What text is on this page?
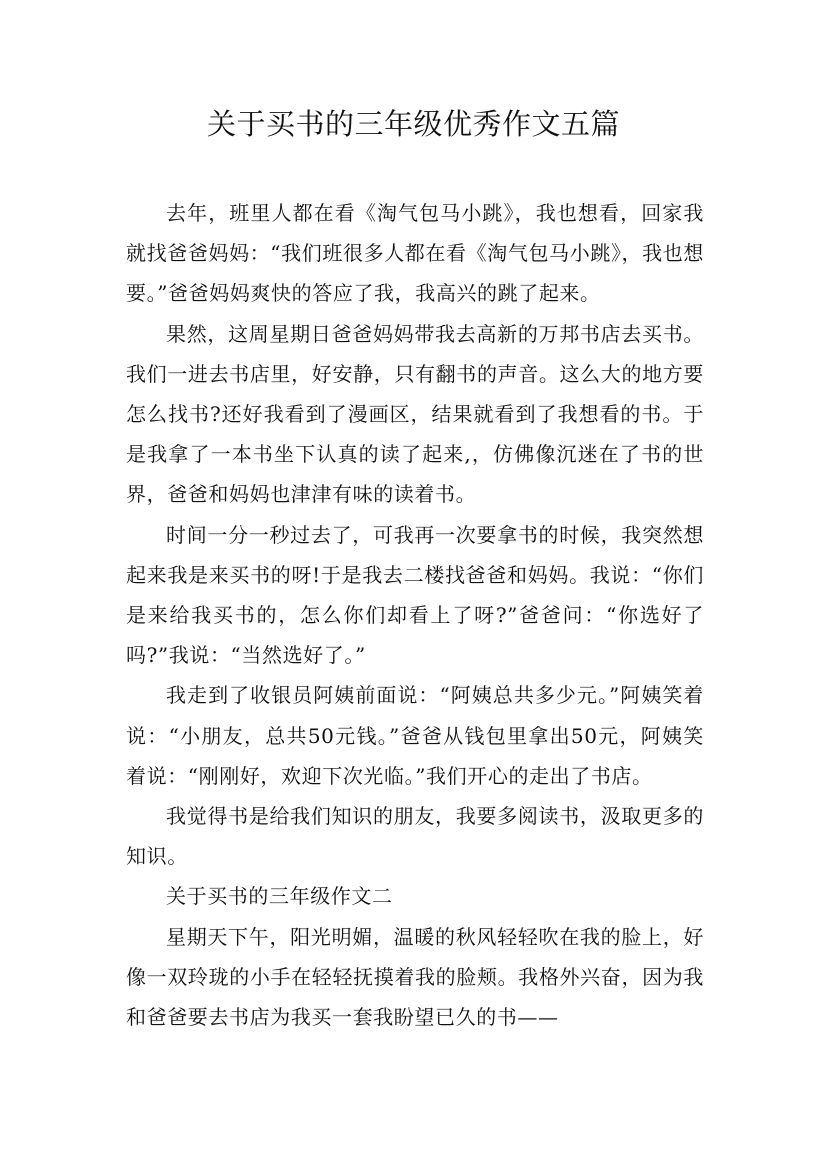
关于买书的三年级优秀作文五篇

去年，班里人都在看《淘气包马小跳》，我也想看，回家我就找爸爸妈妈：“我们班很多人都在看《淘气包马小跳》，我也想要。”爸爸妈妈爽快的答应了我，我高兴的跳了起来。

果然，这周星期日爸爸妈妈带我去高新的万邦书店去买书。我们一进去书店里，好安静，只有翻书的声音。这么大的地方要怎么找书?还好我看到了漫画区，结果就看到了我想看的书。于是我拿了一本书坐下认真的读了起来,，仿佛像沉迷在了书的世界，爸爸和妈妈也津津有味的读着书。

时间一分一秒过去了，可我再一次要拿书的时候，我突然想起来我是来买书的呀!于是我去二楼找爸爸和妈妈。我说：“你们是来给我买书的，怎么你们却看上了呀?”爸爸问：“你选好了吗?”我说：“当然选好了。”

我走到了收银员阿姨前面说：“阿姨总共多少元。”阿姨笑着说：“小朋友，总共50元钱。”爸爸从钱包里拿出50元，阿姨笑着说：“刚刚好，欢迎下次光临。”我们开心的走出了书店。

我觉得书是给我们知识的朋友，我要多阅读书，汲取更多的知识。

关于买书的三年级作文二

星期天下午，阳光明媚，温暖的秋风轻轻吹在我的脸上，好像一双玲珑的小手在轻轻抚摸着我的脸颊。我格外兴奋，因为我和爸爸要去书店为我买一套我盼望已久的书——
